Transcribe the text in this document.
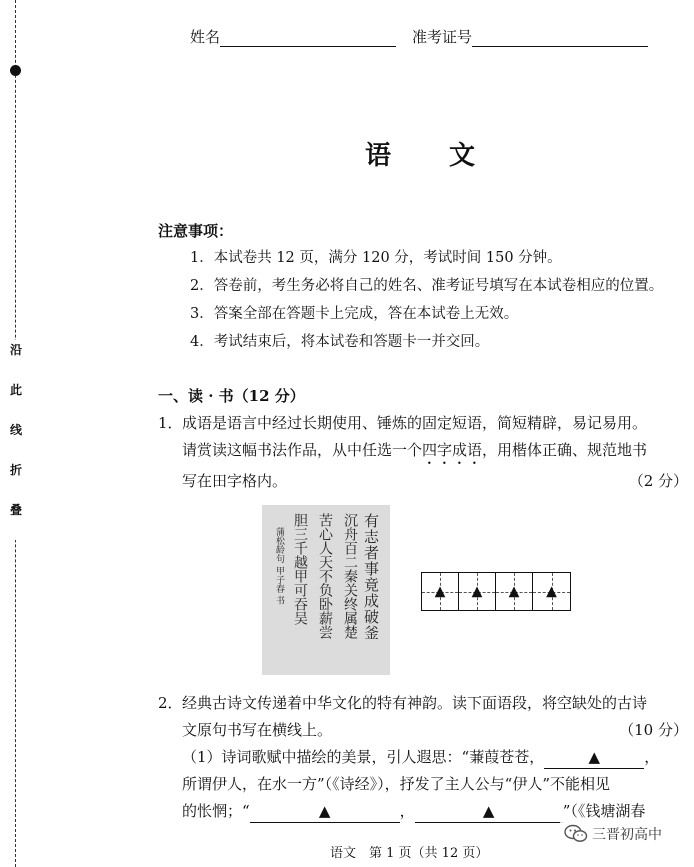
沿
此
线
折
叠
姓名	准考证号
语文
注意事项：
1．本试卷共 12 页，满分 120 分，考试时间 150 分钟。
2．答卷前，考生务必将自己的姓名、准考证号填写在本试卷相应的位置。
3．答案全部在答题卡上完成，答在本试卷上无效。
4．考试结束后，将本试卷和答题卡一并交回。
一、读 · 书（12 分）
1． 成语是语言中经过长期使用、锤炼的固定短语，简短精辟，易记易用。
请赏读这幅书法作品，从中任选一个四字成语，用楷体正确、规范地书
写在田字格内。	（2 分）
有志者事竟成破釜
沉舟百二秦关终属楚
苦心人天不负卧薪尝
胆三千越甲可吞吴
蒲松龄句 甲子春 书	▲ ▲ ▲ ▲
2． 经典古诗文传递着中华文化的特有神韵。读下面语段，将空缺处的古诗
文原句书写在横线上。	（10 分）
（1）诗词歌赋中描绘的美景，引人遐思：“蒹葭苍苍，	▲	，
所谓伊人，在水一方”（《诗经》），抒发了主人公与“伊人”不能相见
的怅惘；“	▲	，	▲	”（《钱塘湖春
语文　第 1 页（共 12 页）
三晋初高中
